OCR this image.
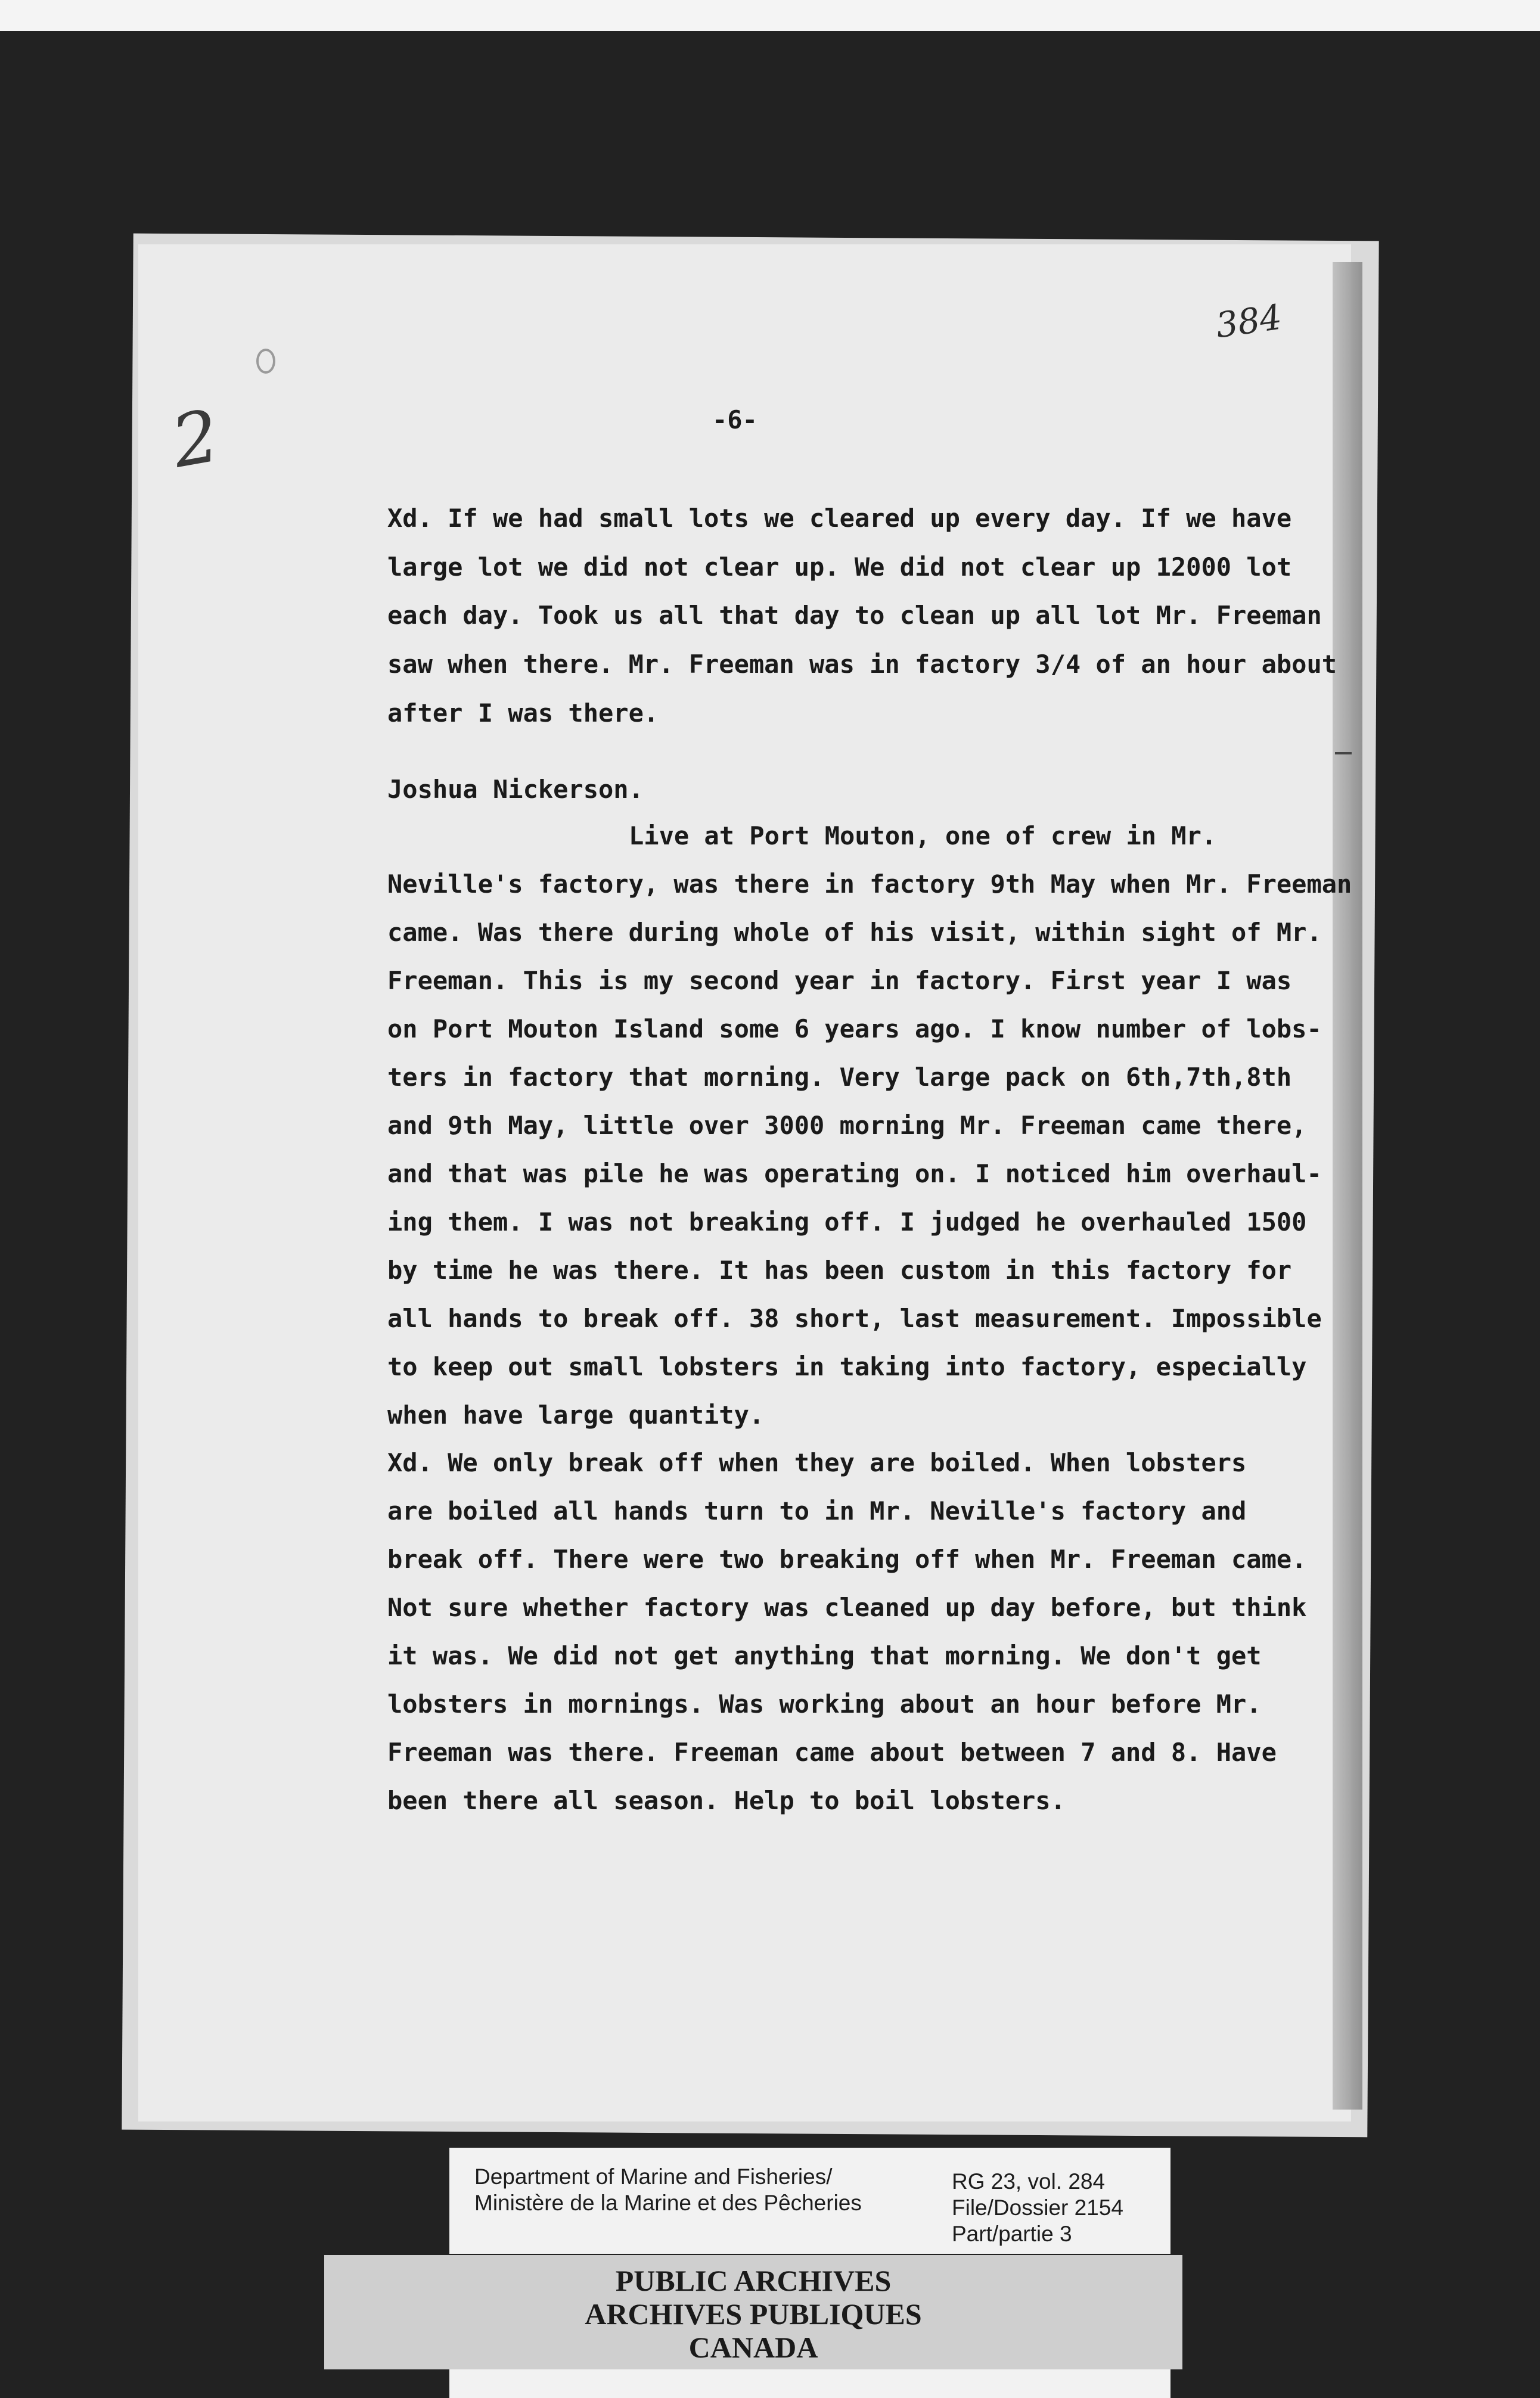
384
2	-6-
Xd. If we had small lots we cleared up every day. If we have
large lot we did not clear up. We did not clear up 12000 lot
each day. Took us all that day to clean up all lot Mr. Freeman
saw when there. Mr. Freeman was in factory 3/4 of an hour about
after I was there.
Joshua Nickerson.
Live at Port Mouton, one of crew in Mr.
Neville's factory, was there in factory 9th May when Mr. Freeman
came. Was there during whole of his visit, within sight of Mr.
Freeman. This is my second year in factory. First year I was
on Port Mouton Island some 6 years ago. I know number of lobs-
ters in factory that morning. Very large pack on 6th,7th,8th
and 9th May, little over 3000 morning Mr. Freeman came there,
and that was pile he was operating on. I noticed him overhaul-
ing them. I was not breaking off. I judged he overhauled 1500
by time he was there. It has been custom in this factory for
all hands to break off. 38 short, last measurement. Impossible
to keep out small lobsters in taking into factory, especially
when have large quantity.
Xd. We only break off when they are boiled. When lobsters
are boiled all hands turn to in Mr. Neville's factory and
break off. There were two breaking off when Mr. Freeman came.
Not sure whether factory was cleaned up day before, but think
it was. We did not get anything that morning. We don't get
lobsters in mornings. Was working about an hour before Mr.
Freeman was there. Freeman came about between 7 and 8. Have
been there all season. Help to boil lobsters.
Department of Marine and Fisheries/
Ministère de la Marine et des Pêcheries
RG 23, vol. 284
File/Dossier 2154
Part/partie 3
PUBLIC ARCHIVES
ARCHIVES PUBLIQUES
CANADA
